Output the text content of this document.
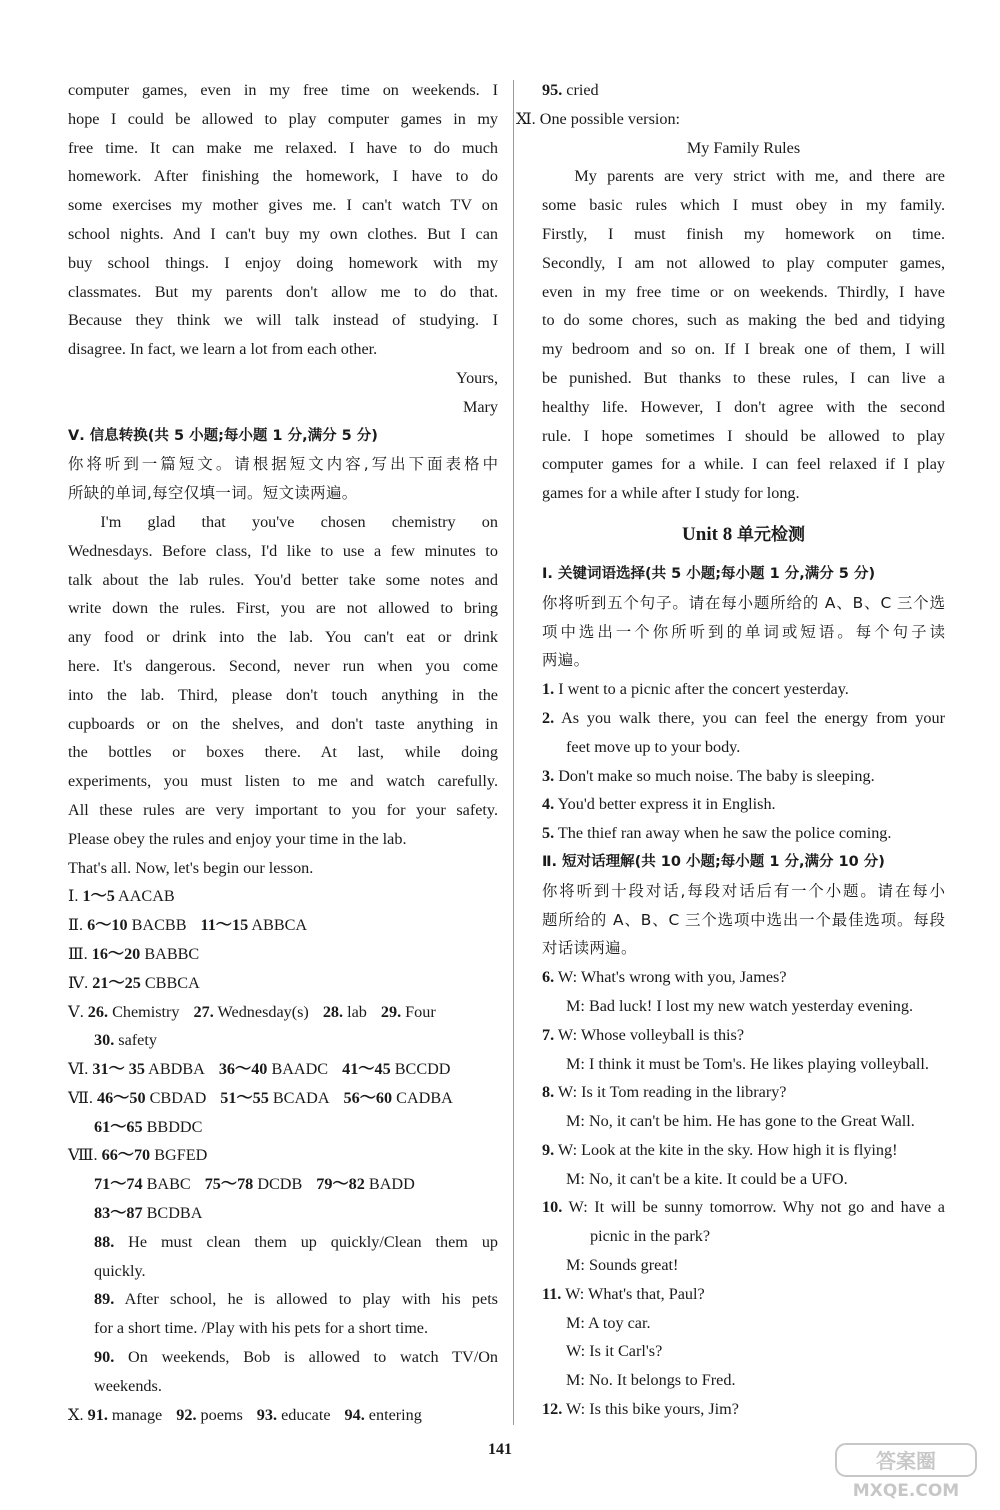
computer games, even in my free time on weekends. I

hope I could be allowed to play computer games in my

free time. It can make me relaxed. I have to do much

homework. After finishing the homework, I have to do

some exercises my mother gives me. I can't watch TV on

school nights. And I can't buy my own clothes. But I can

buy school things. I enjoy doing homework with my

classmates. But my parents don't allow me to do that.

Because they think we will talk instead of studying. I

disagree. In fact, we learn a lot from each other.

Yours,

Mary

Ⅴ. 信息转换(共 5 小题;每小题 1 分,满分 5 分)

你将听到一篇短文。请根据短文内容,写出下面表格中

所缺的单词,每空仅填一词。短文读两遍。

I'm glad that you've chosen chemistry on

Wednesdays. Before class, I'd like to use a few minutes to

talk about the lab rules. You'd better take some notes and

write down the rules. First, you are not allowed to bring

any food or drink into the lab. You can't eat or drink

here. It's dangerous. Second, never run when you come

into the lab. Third, please don't touch anything in the

cupboards or on the shelves, and don't taste anything in

the bottles or boxes there. At last, while doing

experiments, you must listen to me and watch carefully.

All these rules are very important to you for your safety.

Please obey the rules and enjoy your time in the lab.

That's all. Now, let's begin our lesson.

Ⅰ. 1～5 AACAB

Ⅱ. 6～10 BACBB 11～15 ABBCA

Ⅲ. 16～20 BABBC

Ⅳ. 21～25 CBBCA

Ⅴ. 26. Chemistry 27. Wednesday(s) 28. lab 29. Four

30. safety

Ⅵ. 31～ 35 ABDBA 36～40 BAADC 41～45 BCCDD

Ⅶ. 46～50 CBDAD 51～55 BCADA 56～60 CADBA

61～65 BBDDC

Ⅷ. 66～70 BGFED

71～74 BABC 75～78 DCDB 79～82 BADD

83～87 BCDBA

88. He must clean them up quickly/Clean them up

quickly.

89. After school, he is allowed to play with his pets

for a short time. /Play with his pets for a short time.

90. On weekends, Bob is allowed to watch TV/On

weekends.

Ⅹ. 91. manage 92. poems 93. educate 94. entering

95. cried

Ⅺ. One possible version:

My Family Rules

My parents are very strict with me, and there are

some basic rules which I must obey in my family.

Firstly, I must finish my homework on time.

Secondly, I am not allowed to play computer games,

even in my free time or on weekends. Thirdly, I have

to do some chores, such as making the bed and tidying

my bedroom and so on. If I break one of them, I will

be punished. But thanks to these rules, I can live a

healthy life. However, I don't agree with the second

rule. I hope sometimes I should be allowed to play

computer games for a while. I can feel relaxed if I play

games for a while after I study for long.

Unit 8 单元检测

Ⅰ. 关键词语选择(共 5 小题;每小题 1 分,满分 5 分)

你将听到五个句子。请在每小题所给的 A、B、C 三个选

项中选出一个你所听到的单词或短语。每个句子读

两遍。

1. I went to a picnic after the concert yesterday.

2. As you walk there, you can feel the energy from your

feet move up to your body.

3. Don't make so much noise. The baby is sleeping.

4. You'd better express it in English.

5. The thief ran away when he saw the police coming.

Ⅱ. 短对话理解(共 10 小题;每小题 1 分,满分 10 分)

你将听到十段对话,每段对话后有一个小题。请在每小

题所给的 A、B、C 三个选项中选出一个最佳选项。每段

对话读两遍。

6. W: What's wrong with you, James?

M: Bad luck! I lost my new watch yesterday evening.

7. W: Whose volleyball is this?

M: I think it must be Tom's. He likes playing volleyball.

8. W: Is it Tom reading in the library?

M: No, it can't be him. He has gone to the Great Wall.

9. W: Look at the kite in the sky. How high it is flying!

M: No, it can't be a kite. It could be a UFO.

10. W: It will be sunny tomorrow. Why not go and have a

picnic in the park?

M: Sounds great!

11. W: What's that, Paul?

M: A toy car.

W: Is it Carl's?

M: No. It belongs to Fred.

12. W: Is this bike yours, Jim?

141	答案圈
MXQE.COM
